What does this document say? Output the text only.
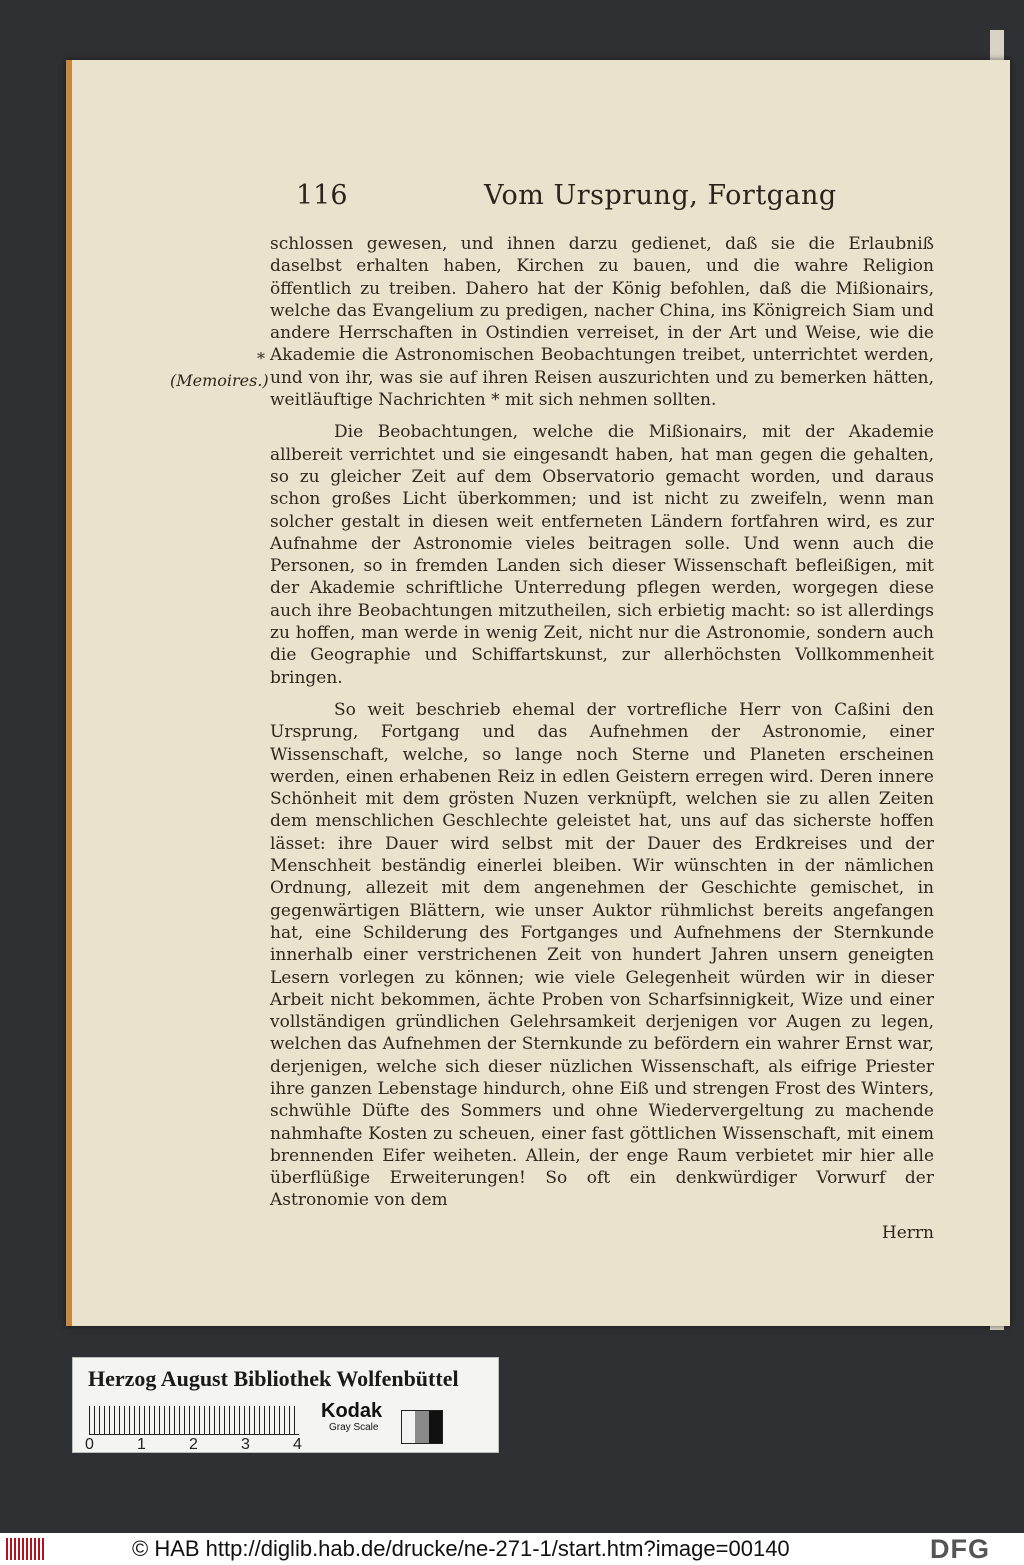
116	Vom Ursprung, Fortgang
* (Memoires.)

schlossen gewesen, und ihnen darzu gedienet, daß sie die Erlaubniß daselbst erhalten haben, Kirchen zu bauen, und die wahre Religion öffentlich zu treiben. Dahero hat der König befohlen, daß die Mißionairs, welche das Evangelium zu predigen, nacher China, ins Königreich Siam und andere Herrschaften in Ostindien verreiset, in der Art und Weise, wie die Akademie die Astronomischen Beobachtungen treibet, unterrichtet werden, und von ihr, was sie auf ihren Reisen auszurichten und zu bemerken hätten, weitläuftige Nachrichten * mit sich nehmen sollten.

Die Beobachtungen, welche die Mißionairs, mit der Akademie allbereit verrichtet und sie eingesandt haben, hat man gegen die gehalten, so zu gleicher Zeit auf dem Observatorio gemacht worden, und daraus schon großes Licht überkommen; und ist nicht zu zweifeln, wenn man solcher gestalt in diesen weit entferneten Ländern fortfahren wird, es zur Aufnahme der Astronomie vieles beitragen solle. Und wenn auch die Personen, so in fremden Landen sich dieser Wissenschaft befleißigen, mit der Akademie schriftliche Unterredung pflegen werden, worgegen diese auch ihre Beobachtungen mitzutheilen, sich erbietig macht: so ist allerdings zu hoffen, man werde in wenig Zeit, nicht nur die Astronomie, sondern auch die Geographie und Schiffartskunst, zur allerhöchsten Vollkommenheit bringen.

So weit beschrieb ehemal der vortrefliche Herr von Caßini den Ursprung, Fortgang und das Aufnehmen der Astronomie, einer Wissenschaft, welche, so lange noch Sterne und Planeten erscheinen werden, einen erhabenen Reiz in edlen Geistern erregen wird. Deren innere Schönheit mit dem grösten Nuzen verknüpft, welchen sie zu allen Zeiten dem menschlichen Geschlechte geleistet hat, uns auf das sicherste hoffen lässet: ihre Dauer wird selbst mit der Dauer des Erdkreises und der Menschheit beständig einerlei bleiben. Wir wünschten in der nämlichen Ordnung, allezeit mit dem angenehmen der Geschichte gemischet, in gegenwärtigen Blättern, wie unser Auktor rühmlichst bereits angefangen hat, eine Schilderung des Fortganges und Aufnehmens der Sternkunde innerhalb einer verstrichenen Zeit von hundert Jahren unsern geneigten Lesern vorlegen zu können; wie viele Gelegenheit würden wir in dieser Arbeit nicht bekommen, ächte Proben von Scharfsinnigkeit, Wize und einer vollständigen gründlichen Gelehrsamkeit derjenigen vor Augen zu legen, welchen das Aufnehmen der Sternkunde zu befördern ein wahrer Ernst war, derjenigen, welche sich dieser nüzlichen Wissenschaft, als eifrige Priester ihre ganzen Lebenstage hindurch, ohne Eiß und strengen Frost des Winters, schwühle Düfte des Sommers und ohne Wiedervergeltung zu machende nahmhafte Kosten zu scheuen, einer fast göttlichen Wissenschaft, mit einem brennenden Eifer weiheten. Allein, der enge Raum verbietet mir hier alle überflüßige Erweiterungen! So oft ein denkwürdiger Vorwurf der Astronomie von dem

Herrn
Herzog August Bibliothek Wolfenbüttel
0	1	2	3	4
Kodak
Gray Scale
© HAB http://diglib.hab.de/drucke/ne-271-1/start.htm?image=00140	DFG
